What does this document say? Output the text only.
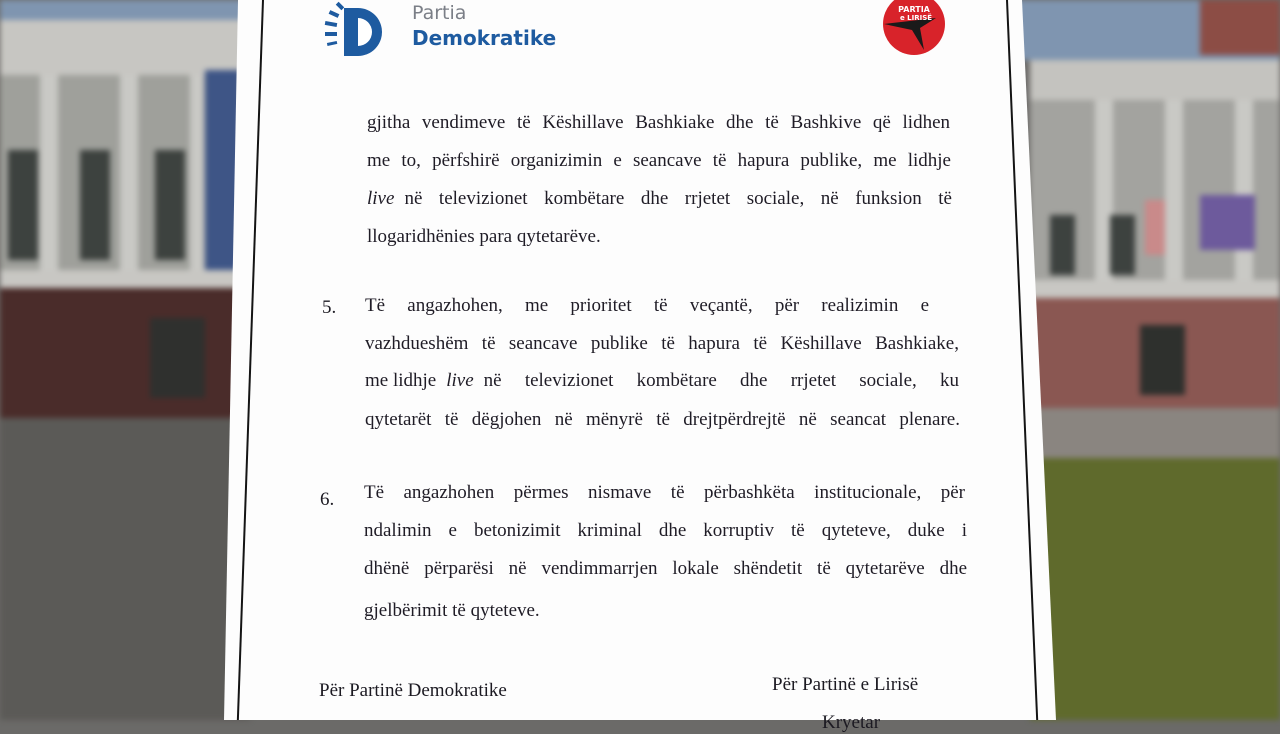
Partia
Demokratike
PARTIA
e LIRISË
gjitha vendimeve të Këshillave Bashkiake dhe të Bashkive që lidhen
me to, përfshirë organizimin e seancave të hapura publike, me lidhje
live në televizionet kombëtare dhe rrjetet sociale, në funksion të
llogaridhënies para qytetarëve.
5. Të angazhohen, me prioritet të veçantë, për realizimin e
vazhdueshëm të seancave publike të hapura të Këshillave Bashkiake,
me lidhje live në televizionet kombëtare dhe rrjetet sociale, ku
qytetarët të dëgjohen në mënyrë të drejtpërdrejtë në seancat plenare.
6. Të angazhohen përmes nismave të përbashkëta institucionale, për
ndalimin e betonizimit kriminal dhe korruptiv të qyteteve, duke i
dhënë përparësi në vendimmarrjen lokale shëndetit të qytetarëve dhe
gjelbërimit të qyteteve.
Për Partinë Demokratike	Për Partinë e Lirisë
Kryetar
